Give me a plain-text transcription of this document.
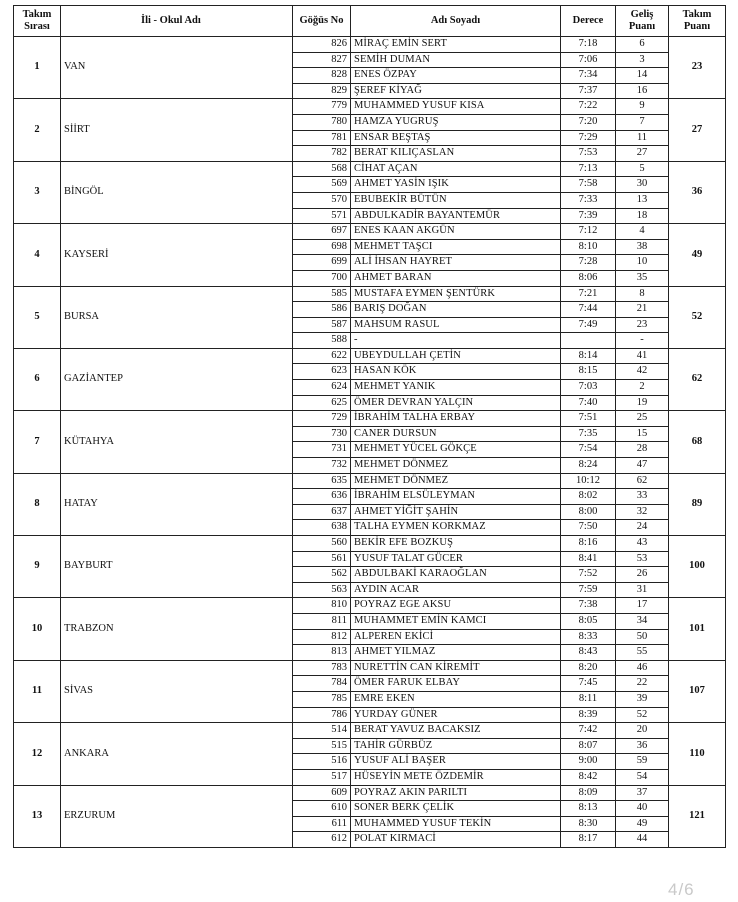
Takım Sırası	İli - Okul Adı	Göğüs No	Adı Soyadı	Derece	Geliş Puanı	Takım Puanı
1	VAN	826	MİRAÇ EMİN SERT	7:18	6	23
		827	SEMİH DUMAN	7:06	3	
		828	ENES ÖZPAY	7:34	14	
		829	ŞEREF KİYAĞ	7:37	16	
2	SİİRT	779	MUHAMMED YUSUF KISA	7:22	9	27
		780	HAMZA YUGRUŞ	7:20	7	
		781	ENSAR BEŞTAŞ	7:29	11	
		782	BERAT KILIÇASLAN	7:53	27	
3	BİNGÖL	568	CİHAT AÇAN	7:13	5	36
		569	AHMET YASİN IŞIK	7:58	30	
		570	EBUBEKİR BÜTÜN	7:33	13	
		571	ABDULKADİR BAYANTEMÜR	7:39	18	
4	KAYSERİ	697	ENES KAAN AKGÜN	7:12	4	49
		698	MEHMET TAŞCI	8:10	38	
		699	ALİ İHSAN HAYRET	7:28	10	
		700	AHMET BARAN	8:06	35	
5	BURSA	585	MUSTAFA EYMEN ŞENTÜRK	7:21	8	52
		586	BARIŞ DOĞAN	7:44	21	
		587	MAHSUM RASUL	7:49	23	
		588	-		-	
6	GAZİANTEP	622	UBEYDULLAH ÇETİN	8:14	41	62
		623	HASAN KÖK	8:15	42	
		624	MEHMET YANIK	7:03	2	
		625	ÖMER DEVRAN YALÇIN	7:40	19	
7	KÜTAHYA	729	İBRAHİM TALHA ERBAY	7:51	25	68
		730	CANER DURSUN	7:35	15	
		731	MEHMET YÜCEL GÖKÇE	7:54	28	
		732	MEHMET DÖNMEZ	8:24	47	
8	HATAY	635	MEHMET DÖNMEZ	10:12	62	89
		636	İBRAHİM ELSÜLEYMAN	8:02	33	
		637	AHMET YİĞİT ŞAHİN	8:00	32	
		638	TALHA EYMEN KORKMAZ	7:50	24	
9	BAYBURT	560	BEKİR EFE BOZKUŞ	8:16	43	100
		561	YUSUF TALAT GÜCER	8:41	53	
		562	ABDULBAKİ KARAOĞLAN	7:52	26	
		563	AYDIN ACAR	7:59	31	
10	TRABZON	810	POYRAZ EGE AKSU	7:38	17	101
		811	MUHAMMET EMİN KAMCI	8:05	34	
		812	ALPEREN EKİCİ	8:33	50	
		813	AHMET YILMAZ	8:43	55	
11	SİVAS	783	NURETTİN CAN KİREMİT	8:20	46	107
		784	ÖMER FARUK ELBAY	7:45	22	
		785	EMRE EKEN	8:11	39	
		786	YURDAY GÜNER	8:39	52	
12	ANKARA	514	BERAT YAVUZ BACAKSIZ	7:42	20	110
		515	TAHİR GÜRBÜZ	8:07	36	
		516	YUSUF ALİ BAŞER	9:00	59	
		517	HÜSEYİN METE ÖZDEMİR	8:42	54	
13	ERZURUM	609	POYRAZ AKIN PARILTI	8:09	37	121
		610	SONER BERK ÇELİK	8:13	40	
		611	MUHAMMED YUSUF TEKİN	8:30	49	
		612	POLAT KIRMACİ	8:17	44	
4/6
